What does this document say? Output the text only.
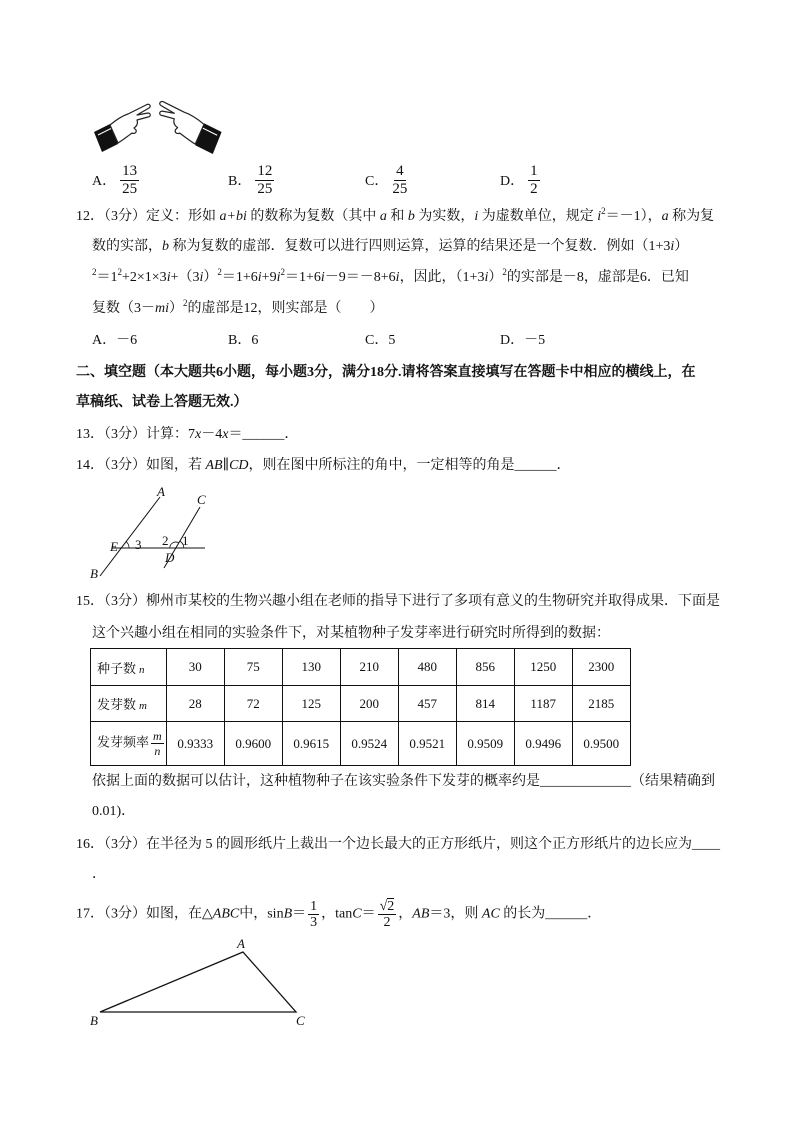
A． $\frac{13}{25}$	B． $\frac{12}{25}$	C． $\frac{4}{25}$	D． $\frac{1}{2}$
12．（3分）定义：形如 a+bi 的数称为复数（其中 a 和 b 为实数，i 为虚数单位，规定 $i^2=-1$），a 称为复
数的实部，b 称为复数的虚部．复数可以进行四则运算，运算的结果还是一个复数．例如（1+3i）
$^2=1^2+2\times 1\times 3i+(3i)^2=1+6i+9i^2=1+6i-9=-8+6i$，因此，$(1+3i)^2$的实部是－8，虚部是6．已知
复数$(3-mi)^2$的虚部是12，则实部是（　　）
A．－6	B．6	C．5	D．－5
二、填空题（本大题共6小题，每小题3分，满分18分.请将答案直接填写在答题卡中相应的横线上，在
草稿纸、试卷上答题无效.）
13．（3分）计算：7x－4x＝______．
14．（3分）如图，若 AB∥CD，则在图中所标注的角中，一定相等的角是______．
A
C
E 3 2 1
D
B
15．（3分）柳州市某校的生物兴趣小组在老师的指导下进行了多项有意义的生物研究并取得成果．下面是
这个兴趣小组在相同的实验条件下，对某植物种子发芽率进行研究时所得到的数据：
种子数 n	30	75	130	210	480	856	1250	2300
发芽数 m	28	72	125	200	457	814	1187	2185
发芽频率 $\frac{m}{n}$	0.9333	0.9600	0.9615	0.9524	0.9521	0.9509	0.9496	0.9500
依据上面的数据可以估计，这种植物种子在该实验条件下发芽的概率约是_____________（结果精确到
0.01)．
16．（3分）在半径为 5 的圆形纸片上裁出一个边长最大的正方形纸片，则这个正方形纸片的边长应为____
．
17．（3分）如图，在△ABC中，$\sin B= \frac{1}{3}$ ，$\tan C= \frac{√2}{2}$ ，AB＝3，则 AC 的长为______．
A
B	C
